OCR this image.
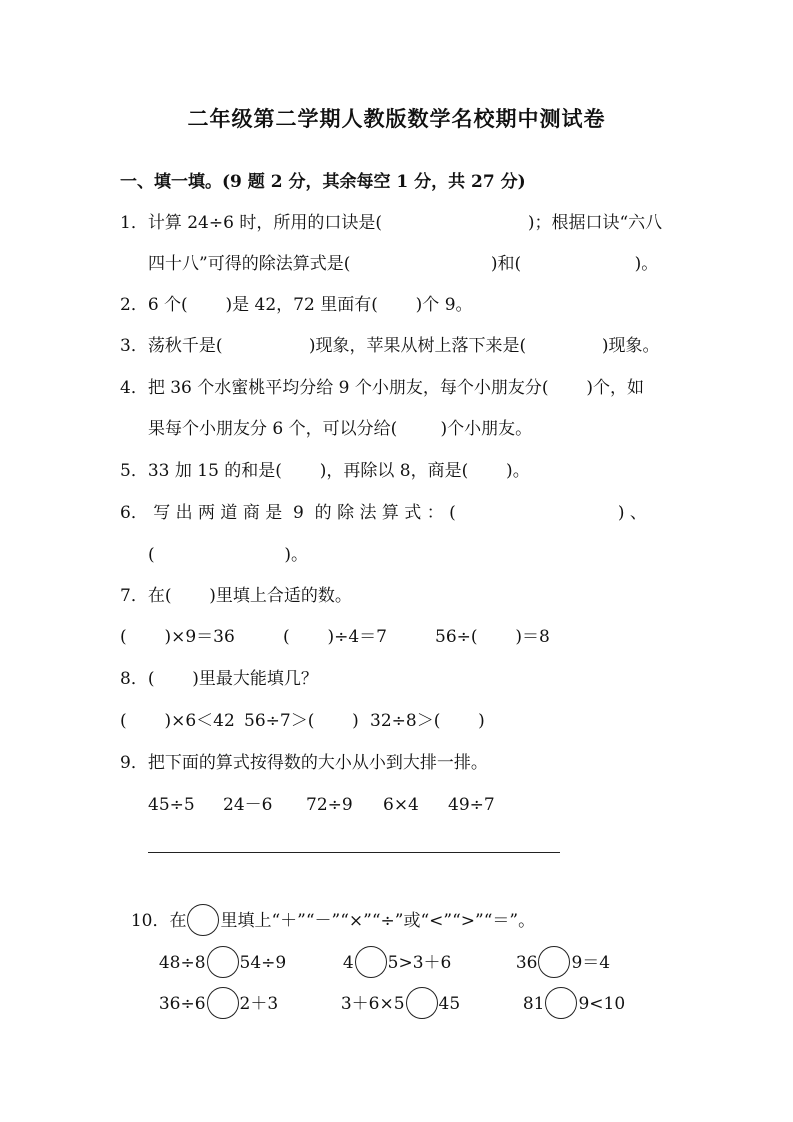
二年级第二学期人教版数学名校期中测试卷
一、填一填。(9 题 2 分，其余每空 1 分，共 27 分)
1．计算 24÷6 时，所用的口诀是(                           )；根据口诀“六八
四十八”可得的除法算式是(                          )和(                     )。
2．6 个(       )是 42，72 里面有(       )个 9。
3．荡秋千是(                )现象，苹果从树上落下来是(              )现象。
4．把 36 个水蜜桃平均分给 9 个小朋友，每个小朋友分(       )个，如
果每个小朋友分 6 个，可以分给(        )个小朋友。
5．33 加 15 的和是(       )，再除以 8，商是(       )。
6． 写 出 两 道 商 是  9  的 除 法 算 式 ： (                              ) 、
(                        )。
7．在(       )里填上合适的数。
(       )×9＝36	(       )÷4＝7	56÷(       )＝8
8．(       )里最大能填几？
(       )×6＜42 56÷7＞(       ) 32÷8＞(       )
9．把下面的算式按得数的大小从小到大排一排。
45÷5 24－6 72÷9 6×4 49÷7

10．在 里填上“＋”“－”“×”“÷”或“<”“>”“＝”。

48÷8 54÷9	4 5>3＋6	36 9＝4

36÷6 2＋3	3＋6×5 45	81 9<10
